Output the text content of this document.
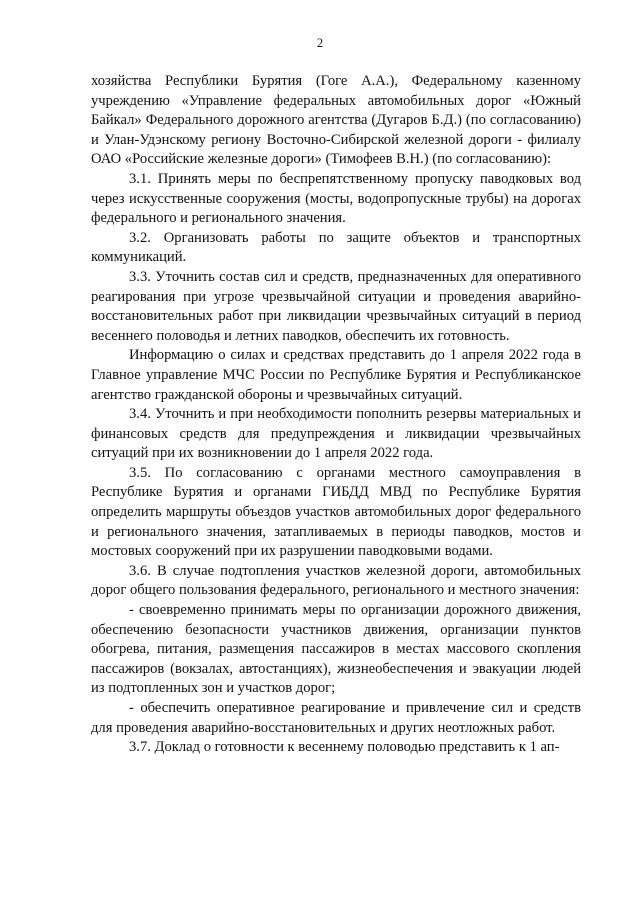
2

хозяйства Республики Бурятия (Гоге А.А.), Федеральному казенному учреждению «Управление федеральных автомобильных дорог «Южный Байкал» Федерального дорожного агентства (Дугаров Б.Д.) (по согласованию) и Улан-Удэнскому региону Восточно-Сибирской железной дороги - филиалу ОАО «Российские железные дороги» (Тимофеев В.Н.) (по согласованию):

3.1. Принять меры по беспрепятственному пропуску паводковых вод через искусственные сооружения (мосты, водопропускные трубы) на дорогах федерального и регионального значения.

3.2. Организовать работы по защите объектов и транспортных коммуникаций.

3.3. Уточнить состав сил и средств, предназначенных для оперативного реагирования при угрозе чрезвычайной ситуации и проведения аварийно-восстановительных работ при ликвидации чрезвычайных ситуаций в период весеннего половодья и летних паводков, обеспечить их готовность.

Информацию о силах и средствах представить до 1 апреля 2022 года в Главное управление МЧС России по Республике Бурятия и Республиканское агентство гражданской обороны и чрезвычайных ситуаций.

3.4. Уточнить и при необходимости пополнить резервы материальных и финансовых средств для предупреждения и ликвидации чрезвычайных ситуаций при их возникновении до 1 апреля 2022 года.

3.5. По согласованию с органами местного самоуправления в Республике Бурятия и органами ГИБДД МВД по Республике Бурятия определить маршруты объездов участков автомобильных дорог федерального и регионального значения, затапливаемых в периоды паводков, мостов и мостовых сооружений при их разрушении паводковыми водами.

3.6. В случае подтопления участков железной дороги, автомобильных дорог общего пользования федерального, регионального и местного значения:

- своевременно принимать меры по организации дорожного движения, обеспечению безопасности участников движения, организации пунктов обогрева, питания, размещения пассажиров в местах массового скопления пассажиров (вокзалах, автостанциях), жизнеобеспечения и эвакуации людей из подтопленных зон и участков дорог;

- обеспечить оперативное реагирование и привлечение сил и средств для проведения аварийно-восстановительных и других неотложных работ.

3.7. Доклад о готовности к весеннему половодью представить к 1 ап-
